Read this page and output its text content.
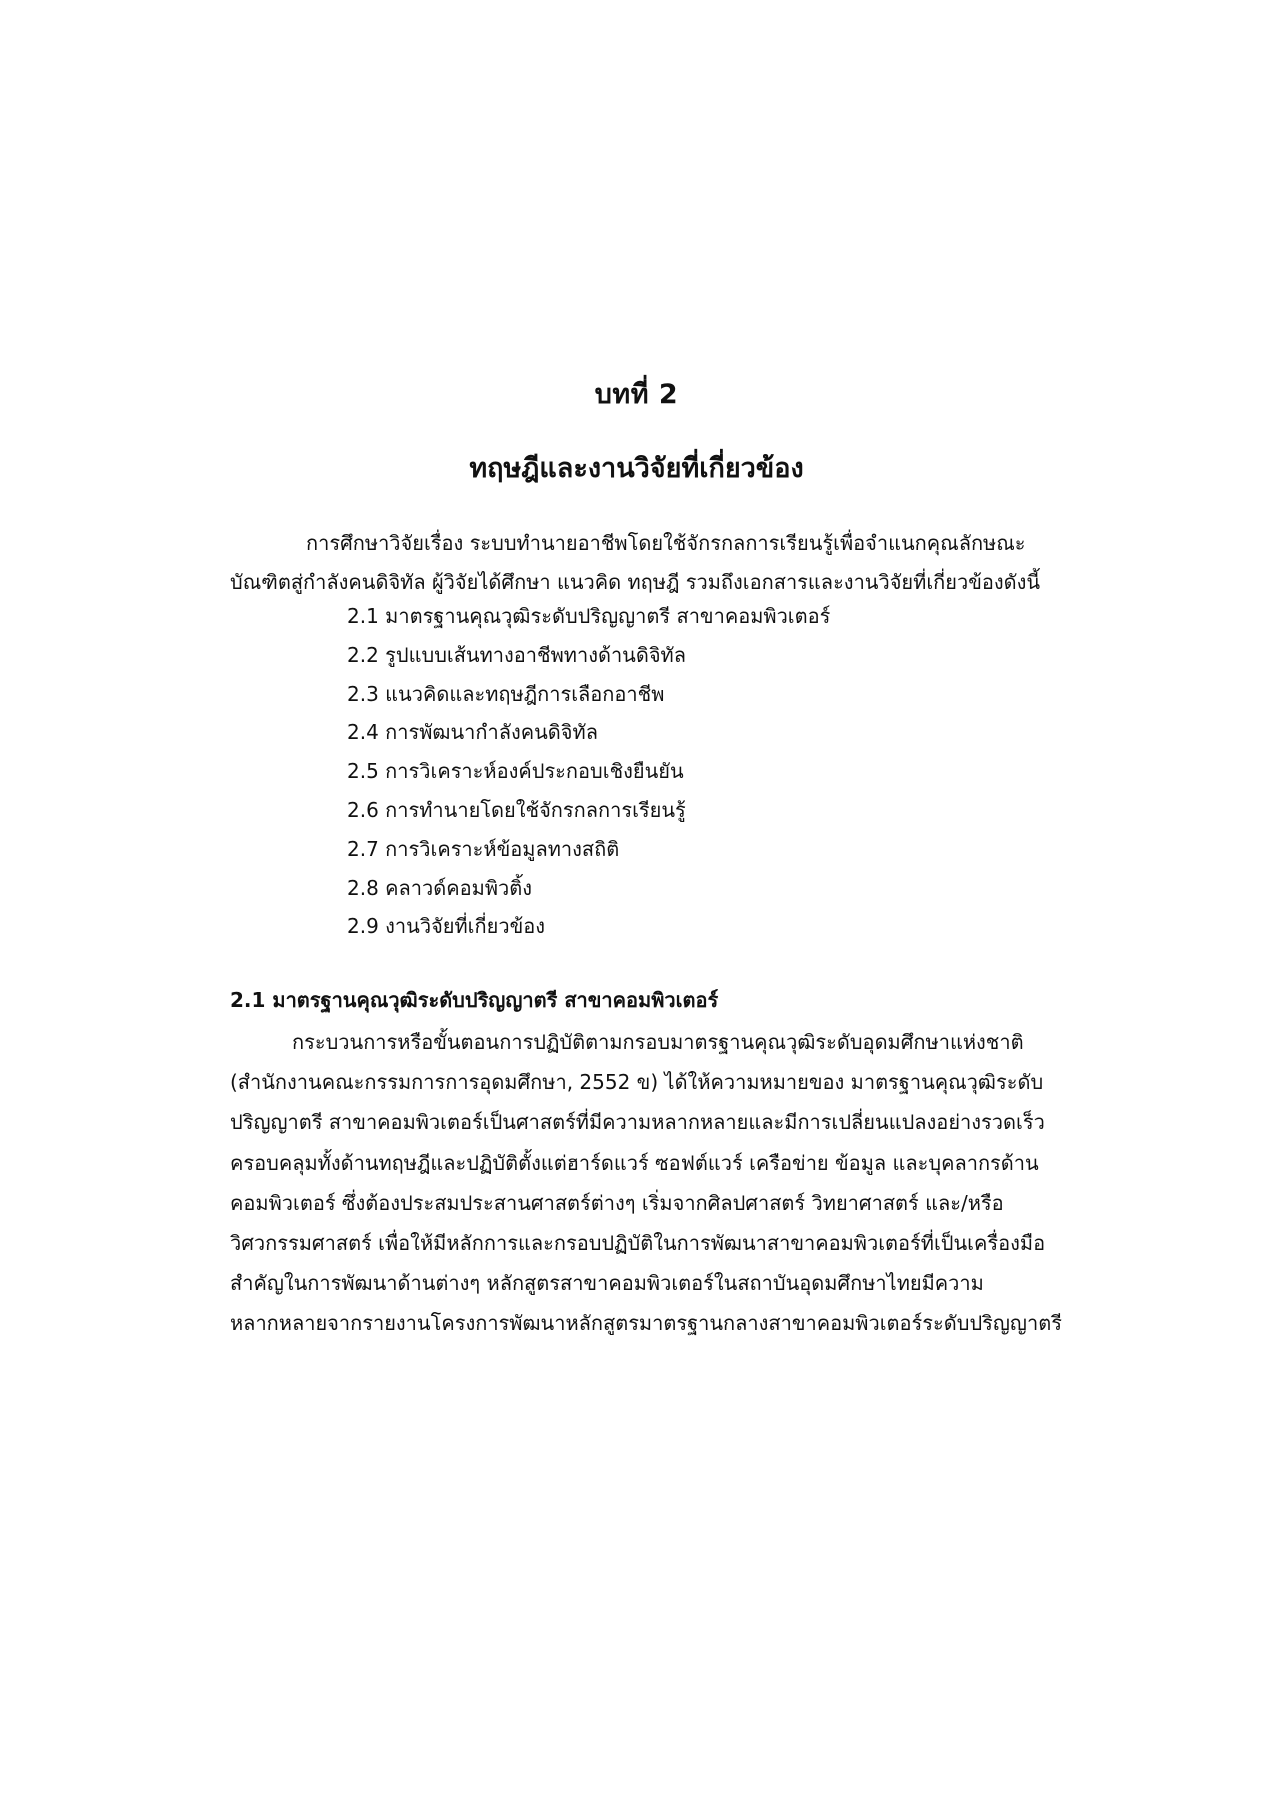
บทที่ 2
ทฤษฎีและงานวิจัยที่เกี่ยวข้อง

การศึกษาวิจัยเรื่อง ระบบทำนายอาชีพโดยใช้จักรกลการเรียนรู้เพื่อจำแนกคุณลักษณะ
บัณฑิตสู่กำลังคนดิจิทัล ผู้วิจัยได้ศึกษา แนวคิด ทฤษฎี รวมถึงเอกสารและงานวิจัยที่เกี่ยวข้องดังนี้

2.1 มาตรฐานคุณวุฒิระดับปริญญาตรี สาขาคอมพิวเตอร์
2.2 รูปแบบเส้นทางอาชีพทางด้านดิจิทัล
2.3 แนวคิดและทฤษฎีการเลือกอาชีพ
2.4 การพัฒนากำลังคนดิจิทัล
2.5 การวิเคราะห์องค์ประกอบเชิงยืนยัน
2.6 การทำนายโดยใช้จักรกลการเรียนรู้
2.7 การวิเคราะห์ข้อมูลทางสถิติ
2.8 คลาวด์คอมพิวติ้ง
2.9 งานวิจัยที่เกี่ยวข้อง
2.1 มาตรฐานคุณวุฒิระดับปริญญาตรี สาขาคอมพิวเตอร์

กระบวนการหรือขั้นตอนการปฏิบัติตามกรอบมาตรฐานคุณวุฒิระดับอุดมศึกษาแห่งชาติ
(สำนักงานคณะกรรมการการอุดมศึกษา, 2552 ข) ได้ให้ความหมายของ มาตรฐานคุณวุฒิระดับ
ปริญญาตรี สาขาคอมพิวเตอร์เป็นศาสตร์ที่มีความหลากหลายและมีการเปลี่ยนแปลงอย่างรวดเร็ว
ครอบคลุมทั้งด้านทฤษฎีและปฏิบัติตั้งแต่ฮาร์ดแวร์ ซอฟต์แวร์ เครือข่าย ข้อมูล และบุคลากรด้าน
คอมพิวเตอร์ ซึ่งต้องประสมประสานศาสตร์ต่างๆ เริ่มจากศิลปศาสตร์ วิทยาศาสตร์ และ/หรือ
วิศวกรรมศาสตร์ เพื่อให้มีหลักการและกรอบปฏิบัติในการพัฒนาสาขาคอมพิวเตอร์ที่เป็นเครื่องมือ
สำคัญในการพัฒนาด้านต่างๆ หลักสูตรสาขาคอมพิวเตอร์ในสถาบันอุดมศึกษาไทยมีความ
หลากหลายจากรายงานโครงการพัฒนาหลักสูตรมาตรฐานกลางสาขาคอมพิวเตอร์ระดับปริญญาตรี
